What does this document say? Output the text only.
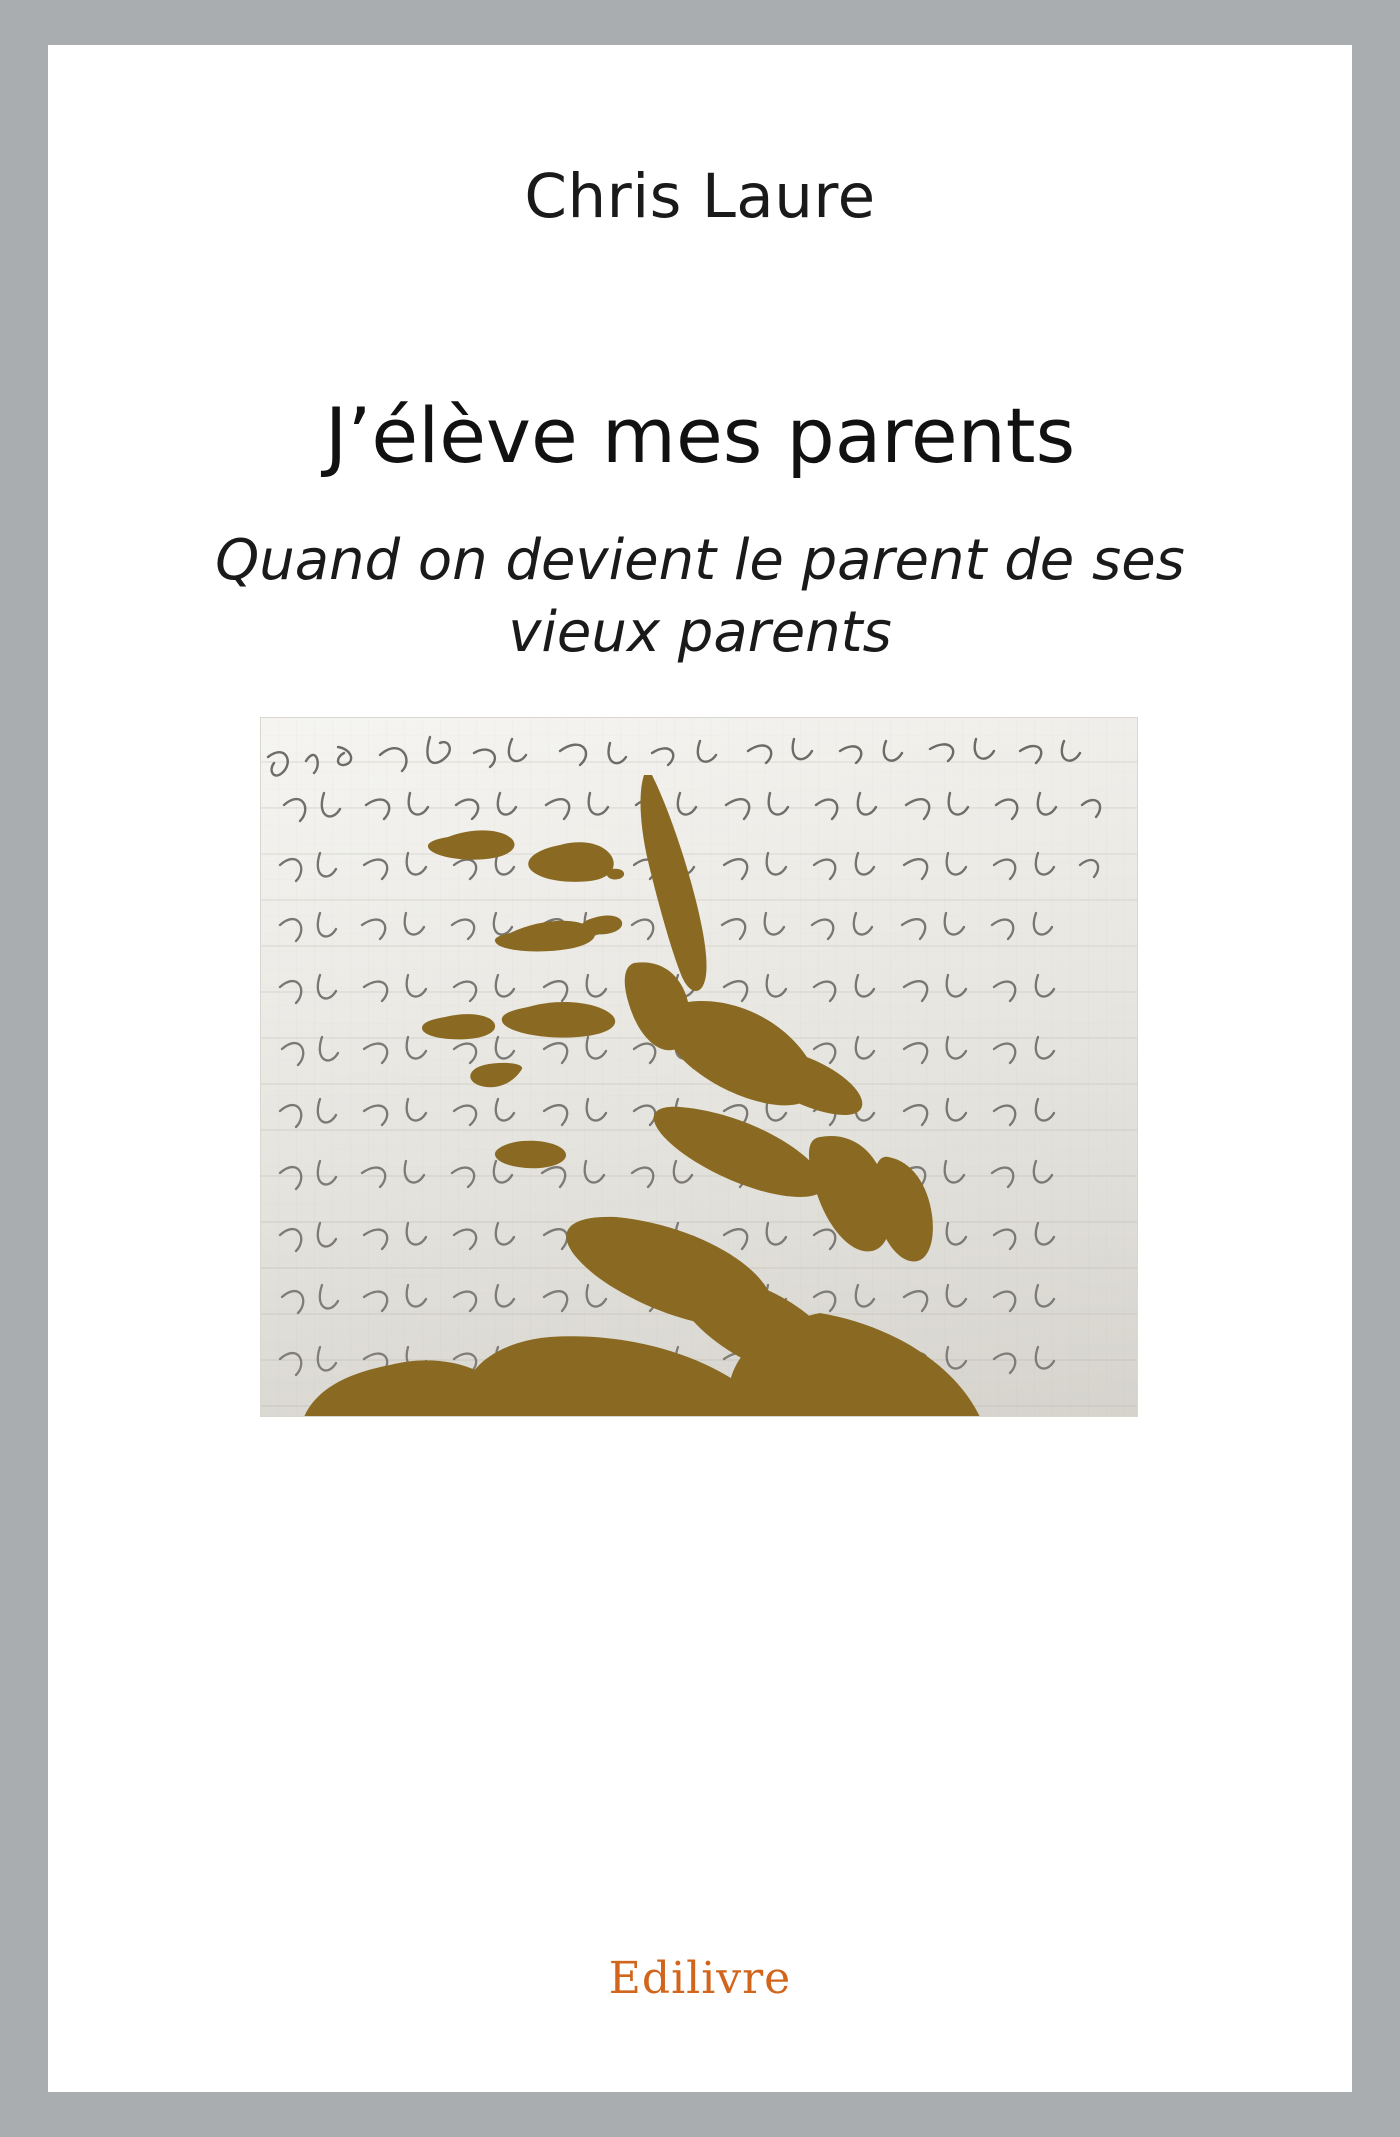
Chris Laure
J’élève mes parents
Quand on devient le parent de ses vieux parents
Edilivre
